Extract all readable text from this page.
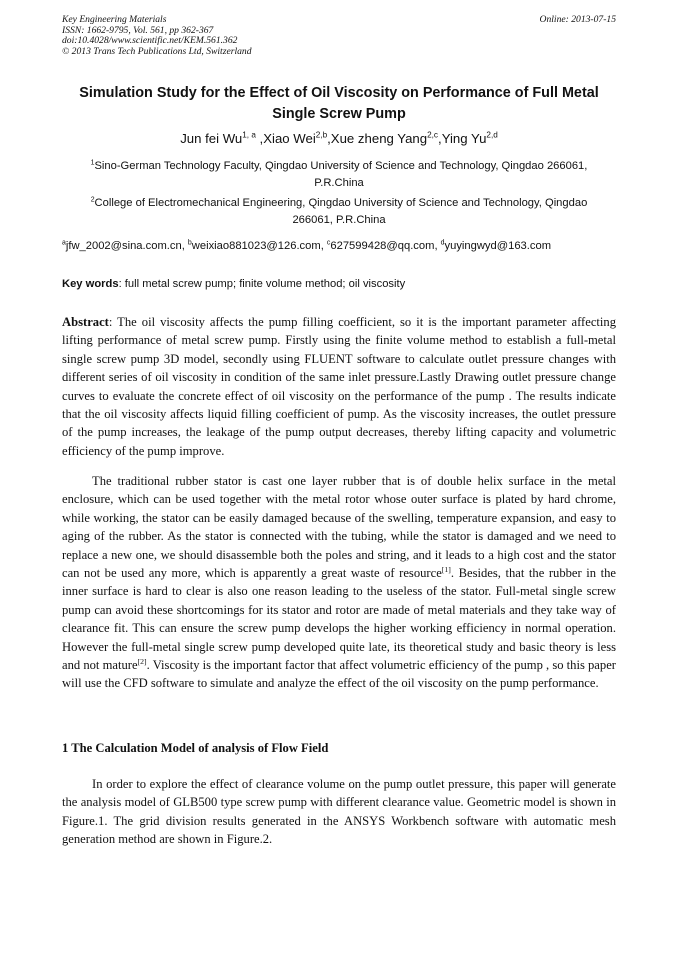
Key Engineering Materials
ISSN: 1662-9795, Vol. 561, pp 362-367
doi:10.4028/www.scientific.net/KEM.561.362
© 2013 Trans Tech Publications Ltd, Switzerland
Online: 2013-07-15
Simulation Study for the Effect of Oil Viscosity on Performance of Full Metal Single Screw Pump
Jun fei Wu$^{1, a}$ ,Xiao Wei$^{2,b}$,Xue zheng Yang$^{2,c}$,Ying Yu$^{2,d}$
$^1$Sino-German Technology Faculty, Qingdao University of Science and Technology, Qingdao 266061, P.R.China
$^2$College of Electromechanical Engineering, Qingdao University of Science and Technology, Qingdao 266061, P.R.China
$^a$jfw_2002@sina.com.cn, $^b$weixiao881023@126.com, $^c$627599428@qq.com, $^d$yuyingwyd@163.com
Key words: full metal screw pump; finite volume method; oil viscosity
Abstract: The oil viscosity affects the pump filling coefficient, so it is the important parameter affecting lifting performance of metal screw pump. Firstly using the finite volume method to establish a full-metal single screw pump 3D model, secondly using FLUENT software to calculate outlet pressure changes with different series of oil viscosity in condition of the same inlet pressure.Lastly Drawing outlet pressure change curves to evaluate the concrete effect of oil viscosity on the performance of the pump . The results indicate that the oil viscosity affects liquid filling coefficient of pump. As the viscosity increases, the outlet pressure of the pump increases, the leakage of the pump output decreases, thereby lifting capacity and volumetric efficiency of the pump improve.
The traditional rubber stator is cast one layer rubber that is of double helix surface in the metal enclosure, which can be used together with the metal rotor whose outer surface is plated by hard chrome, while working, the stator can be easily damaged because of the swelling, temperature expansion, and easy to aging of the rubber. As the stator is connected with the tubing, while the stator is damaged and we need to replace a new one, we should disassemble both the poles and string, and it leads to a high cost and the stator can not be used any more, which is apparently a great waste of resource[1]. Besides, that the rubber in the inner surface is hard to clear is also one reason leading to the useless of the stator. Full-metal single screw pump can avoid these shortcomings for its stator and rotor are made of metal materials and they take way of clearance fit. This can ensure the screw pump develops the higher working efficiency in normal operation. However the full-metal single screw pump developed quite late, its theoretical study and basic theory is less and not mature[2]. Viscosity is the important factor that affect volumetric efficiency of the pump , so this paper will use the CFD software to simulate and analyze the effect of the oil viscosity on the pump performance.
1 The Calculation Model of analysis of Flow Field
In order to explore the effect of clearance volume on the pump outlet pressure, this paper will generate the analysis model of GLB500 type screw pump with different clearance value. Geometric model is shown in Figure.1. The grid division results generated in the ANSYS Workbench software with automatic mesh generation method are shown in Figure.2.
